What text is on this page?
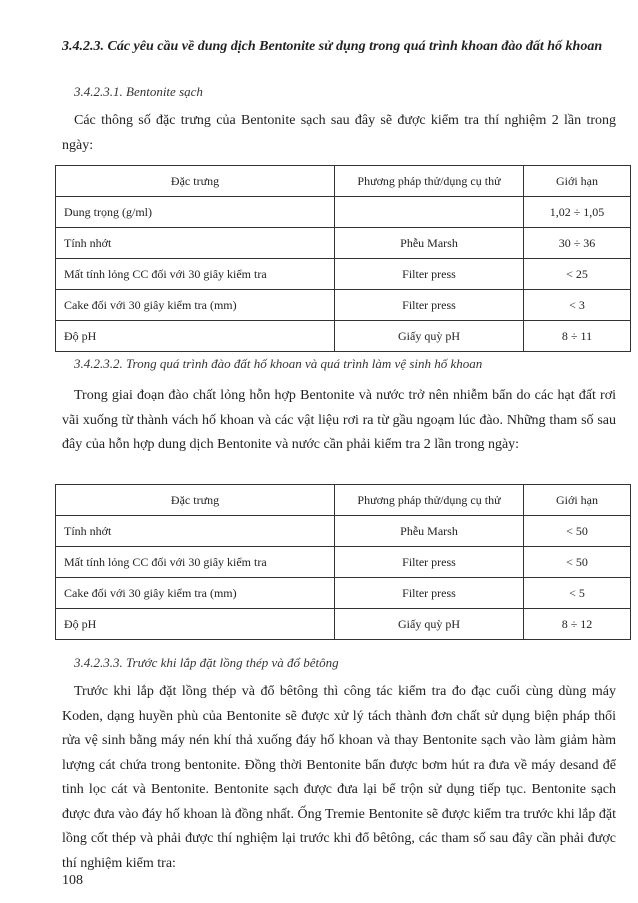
3.4.2.3. Các yêu cầu về dung dịch Bentonite sử dụng trong quá trình khoan đào đất hố khoan
3.4.2.3.1. Bentonite sạch
Các thông số đặc trưng của Bentonite sạch sau đây sẽ được kiểm tra thí nghiệm 2 lần trong ngày:
Đặc trưng	Phương pháp thử/dụng cụ thử	Giới hạn
Dung trọng (g/ml)		1,02 ÷ 1,05
Tính nhớt	Phễu Marsh	30 ÷ 36
Mất tính lỏng CC đối với 30 giây kiểm tra	Filter press	< 25
Cake đối với 30 giây kiểm tra (mm)	Filter press	< 3
Độ pH	Giấy quỳ pH	8 ÷ 11
3.4.2.3.2. Trong quá trình đào đất hố khoan và quá trình làm vệ sinh hố khoan
Trong giai đoạn đào chất lỏng hỗn hợp Bentonite và nước trở nên nhiễm bẩn do các hạt đất rơi vãi xuống từ thành vách hố khoan và các vật liệu rơi ra từ gầu ngoạm lúc đào. Những tham số sau đây của hỗn hợp dung dịch Bentonite và nước cần phải kiểm tra 2 lần trong ngày:
Đặc trưng	Phương pháp thử/dụng cụ thử	Giới hạn
Tính nhớt	Phễu Marsh	< 50
Mất tính lỏng CC đối với 30 giây kiểm tra	Filter press	< 50
Cake đối với 30 giây kiểm tra (mm)	Filter press	< 5
Độ pH	Giấy quỳ pH	8 ÷ 12
3.4.2.3.3. Trước khi lắp đặt lồng thép và đổ bêtông
Trước khi lắp đặt lồng thép và đổ bêtông thì công tác kiểm tra đo đạc cuối cùng dùng máy Koden, dạng huyền phù của Bentonite sẽ được xử lý tách thành đơn chất sử dụng biện pháp thổi rửa vệ sinh bằng máy nén khí thả xuống đáy hố khoan và thay Bentonite sạch vào làm giảm hàm lượng cát chứa trong bentonite. Đồng thời Bentonite bẩn được bơm hút ra đưa về máy desand để tinh lọc cát và Bentonite. Bentonite sạch được đưa lại bể trộn sử dụng tiếp tục. Bentonite sạch được đưa vào đáy hố khoan là đồng nhất. Ống Tremie Bentonite sẽ được kiểm tra trước khi lắp đặt lồng cốt thép và phải được thí nghiệm lại trước khi đổ bêtông, các tham số sau đây cần phải được thí nghiệm kiểm tra:
108
